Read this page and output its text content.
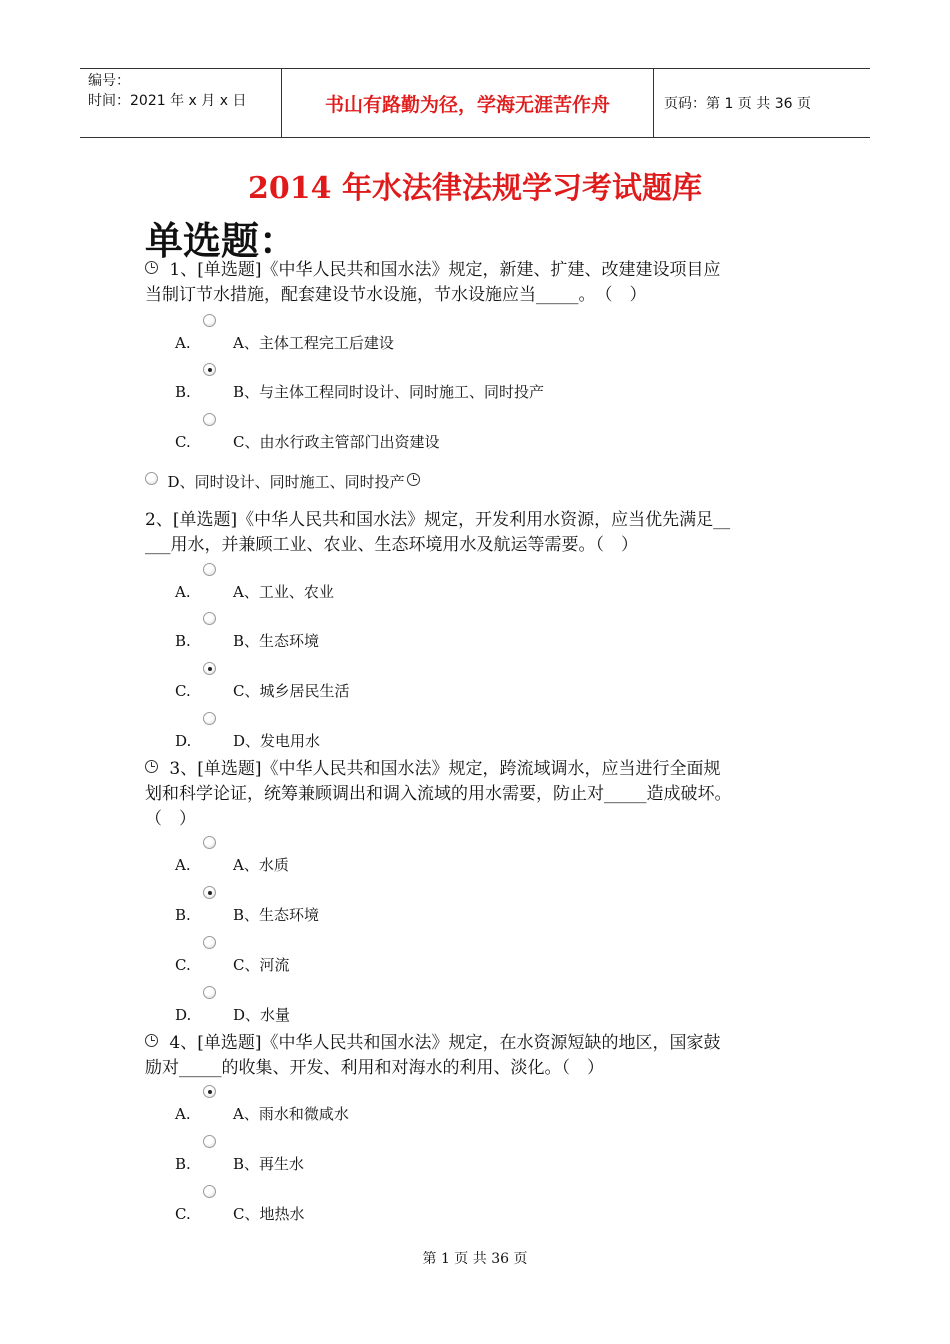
编号：
时间：2021 年 x 月 x 日	书山有路勤为径，学海无涯苦作舟	页码：第 1 页 共 36 页
2014 年水法律法规学习考试题库
单选题：
1、[单选题]《中华人民共和国水法》规定，新建、扩建、改建建设项目应
当制订节水措施，配套建设节水设施，节水设施应当_____。　（　）
A.	A、主体工程完工后建设
B.	B、与主体工程同时设计、同时施工、同时投产
C.	C、由水行政主管部门出资建设
D、同时设计、同时施工、同时投产
2、[单选题]《中华人民共和国水法》规定，开发利用水资源，应当优先满足__
___用水，并兼顾工业、农业、生态环境用水及航运等需要。（　）
A.	A、工业、农业
B.	B、生态环境
C.	C、城乡居民生活
D.	D、发电用水
3、[单选题]《中华人民共和国水法》规定，跨流域调水，应当进行全面规
划和科学论证，统筹兼顾调出和调入流域的用水需要，防止对_____造成破坏。
（　）
A.	A、水质
B.	B、生态环境
C.	C、河流
D.	D、水量
4、[单选题]《中华人民共和国水法》规定，在水资源短缺的地区，国家鼓
励对_____的收集、开发、利用和对海水的利用、淡化。（　）
A.	A、雨水和微咸水
B.	B、再生水
C.	C、地热水
第 1 页 共 36 页
